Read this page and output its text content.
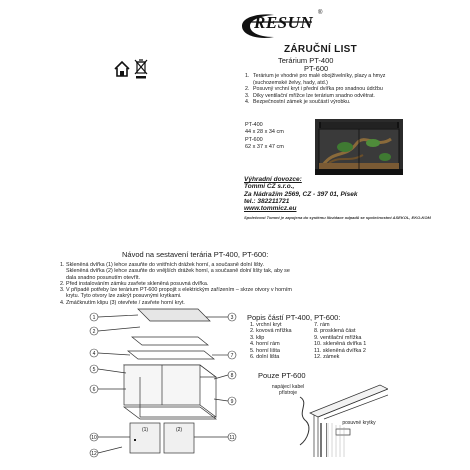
RESUN ®
ZÁRUČNÍ LIST
Terárium PT-400
PT-600
1. Terárium je vhodné pro malé obojživelníky, plazy a hmyz (suchozemské želvy, hady, atd.)
2. Posuvný vrchní kryt i přední dvířka pro snadnou údržbu
3. Díky ventilační mřížce lze terárium snadno odvětrat.
4. Bezpečnostní zámek je součástí výrobku.
PT-400
44 x 28 x 34 cm
PT-600
62 x 37 x 47 cm
Výhradní dovozce:
Tommi CZ s.r.o.,
Za Nádražím 2569, CZ - 397 01, Písek
tel.: 382211721
www.tommicz.eu
Společnost Tommi je zapojena do systému likvidace odpadů se společnostmi ASEKOL, EKO-KOM
Návod na sestavení terária PT-400, PT-600:
1. Skleněná dvířka (1) lehce zasuňte do vnitřních drážek horní, a současně dolní lišty.
Skleněná dvířka (2) lehce zasuňte do vnějších drážek horní, a současně dolní lišty tak, aby se
dala snadno posunutím otevřít.
2. Před instalováním zámku zavřete skleněná posuvná dvířka.
3. V případě potřeby lze terárium PT-600 propojit s elektrickým zařízením – skrze otvory v horním
krytu. Tyto otvory lze zakrýt posuvnými krytkami.
4. Zmáčknutím klipu (3) otevřete / zavřete horní kryt.
1
2
3
4
5
6
7
8
9
10	11
12
(1)	(2)
Popis částí PT-400, PT-600:
1. vrchní kryt
2. kovová mřížka
3. klip
4. horní rám
5. horní lišta
6. dolní lišta
7. rám
8. prosklená část
9. ventilační mřížka
10. skleněná dvířka 1
11. skleněná dvířka 2
12. zámek
Pouze PT-600
napájecí kabel přístroje
posuvné krytky
